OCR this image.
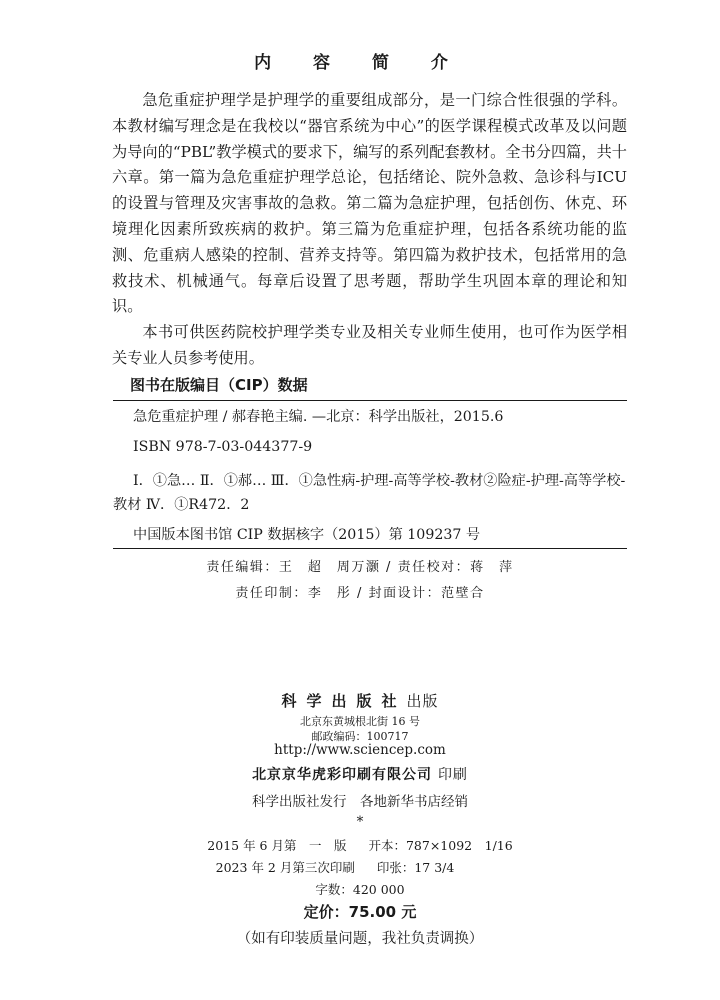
内 容 简 介

急危重症护理学是护理学的重要组成部分，是一门综合性很强的学科。本教材编写理念是在我校以“器官系统为中心”的医学课程模式改革及以问题为导向的“PBL”教学模式的要求下，编写的系列配套教材。全书分四篇，共十六章。第一篇为急危重症护理学总论，包括绪论、院外急救、急诊科与ICU的设置与管理及灾害事故的急救。第二篇为急症护理，包括创伤、休克、环境理化因素所致疾病的救护。第三篇为危重症护理，包括各系统功能的监测、危重病人感染的控制、营养支持等。第四篇为救护技术，包括常用的急救技术、机械通气。每章后设置了思考题，帮助学生巩固本章的理论和知识。

本书可供医药院校护理学类专业及相关专业师生使用，也可作为医学相关专业人员参考使用。

图书在版编目（CIP）数据
急危重症护理 / 郝春艳主编. —北京：科学出版社，2015.6
ISBN 978-7-03-044377-9

Ⅰ．①急… Ⅱ．①郝… Ⅲ．①急性病-护理-高等学校-教材②险症-护理-高等学校-教材 Ⅳ．①R472．2

中国版本图书馆 CIP 数据核字（2015）第 109237 号
责任编辑：王　超　周万灏 / 责任校对：蒋　萍
责任印制：李　彤 / 封面设计：范壁合
科学出版社出版
北京东黄城根北街 16 号
邮政编码：100717
http://www.sciencep.com
北京京华虎彩印刷有限公司 印刷
科学出版社发行　各地新华书店经销
*
2015 年 6 月第　一　版 开本：787×1092　1/16
2023 年 2 月第三次印刷 印张：17 3/4
字数：420 000
定价：75.00 元
（如有印装质量问题，我社负责调换）
